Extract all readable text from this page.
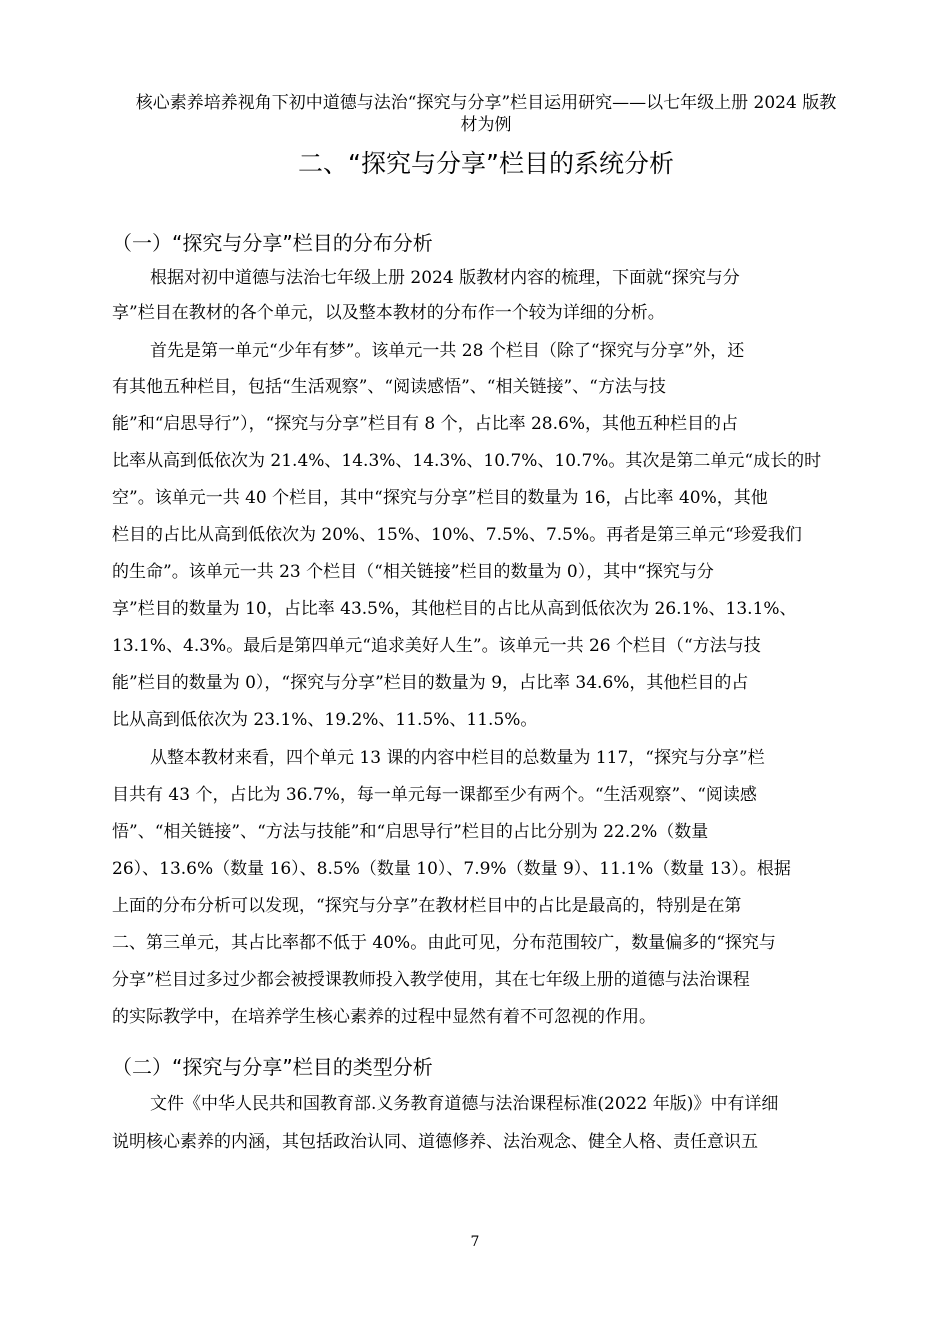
核心素养培养视角下初中道德与法治“探究与分享”栏目运用研究——以七年级上册 2024 版教
材为例
二、“探究与分享”栏目的系统分析
（一）“探究与分享”栏目的分布分析
根据对初中道德与法治七年级上册 2024 版教材内容的梳理，下面就“探究与分
享”栏目在教材的各个单元，以及整本教材的分布作一个较为详细的分析。
首先是第一单元“少年有梦”。该单元一共 28 个栏目（除了“探究与分享”外，还
有其他五种栏目，包括“生活观察”、“阅读感悟”、“相关链接”、“方法与技
能”和“启思导行”），“探究与分享”栏目有 8 个，占比率 28.6%，其他五种栏目的占
比率从高到低依次为 21.4%、14.3%、14.3%、10.7%、10.7%。其次是第二单元“成长的时
空”。该单元一共 40 个栏目，其中“探究与分享”栏目的数量为 16，占比率 40%，其他
栏目的占比从高到低依次为 20%、15%、10%、7.5%、7.5%。再者是第三单元“珍爱我们
的生命”。该单元一共 23 个栏目（“相关链接”栏目的数量为 0），其中“探究与分
享”栏目的数量为 10，占比率 43.5%，其他栏目的占比从高到低依次为 26.1%、13.1%、
13.1%、4.3%。最后是第四单元“追求美好人生”。该单元一共 26 个栏目（“方法与技
能”栏目的数量为 0），“探究与分享”栏目的数量为 9，占比率 34.6%，其他栏目的占
比从高到低依次为 23.1%、19.2%、11.5%、11.5%。
从整本教材来看，四个单元 13 课的内容中栏目的总数量为 117，“探究与分享”栏
目共有 43 个，占比为 36.7%，每一单元每一课都至少有两个。“生活观察”、“阅读感
悟”、“相关链接”、“方法与技能”和“启思导行”栏目的占比分别为 22.2%（数量
26）、13.6%（数量 16）、8.5%（数量 10）、7.9%（数量 9）、11.1%（数量 13）。根据
上面的分布分析可以发现，“探究与分享”在教材栏目中的占比是最高的，特别是在第
二、第三单元，其占比率都不低于 40%。由此可见，分布范围较广，数量偏多的“探究与
分享”栏目过多过少都会被授课教师投入教学使用，其在七年级上册的道德与法治课程
的实际教学中，在培养学生核心素养的过程中显然有着不可忽视的作用。
（二）“探究与分享”栏目的类型分析
文件《中华人民共和国教育部.义务教育道德与法治课程标准(2022 年版)》中有详细
说明核心素养的内涵，其包括政治认同、道德修养、法治观念、健全人格、责任意识五
7
